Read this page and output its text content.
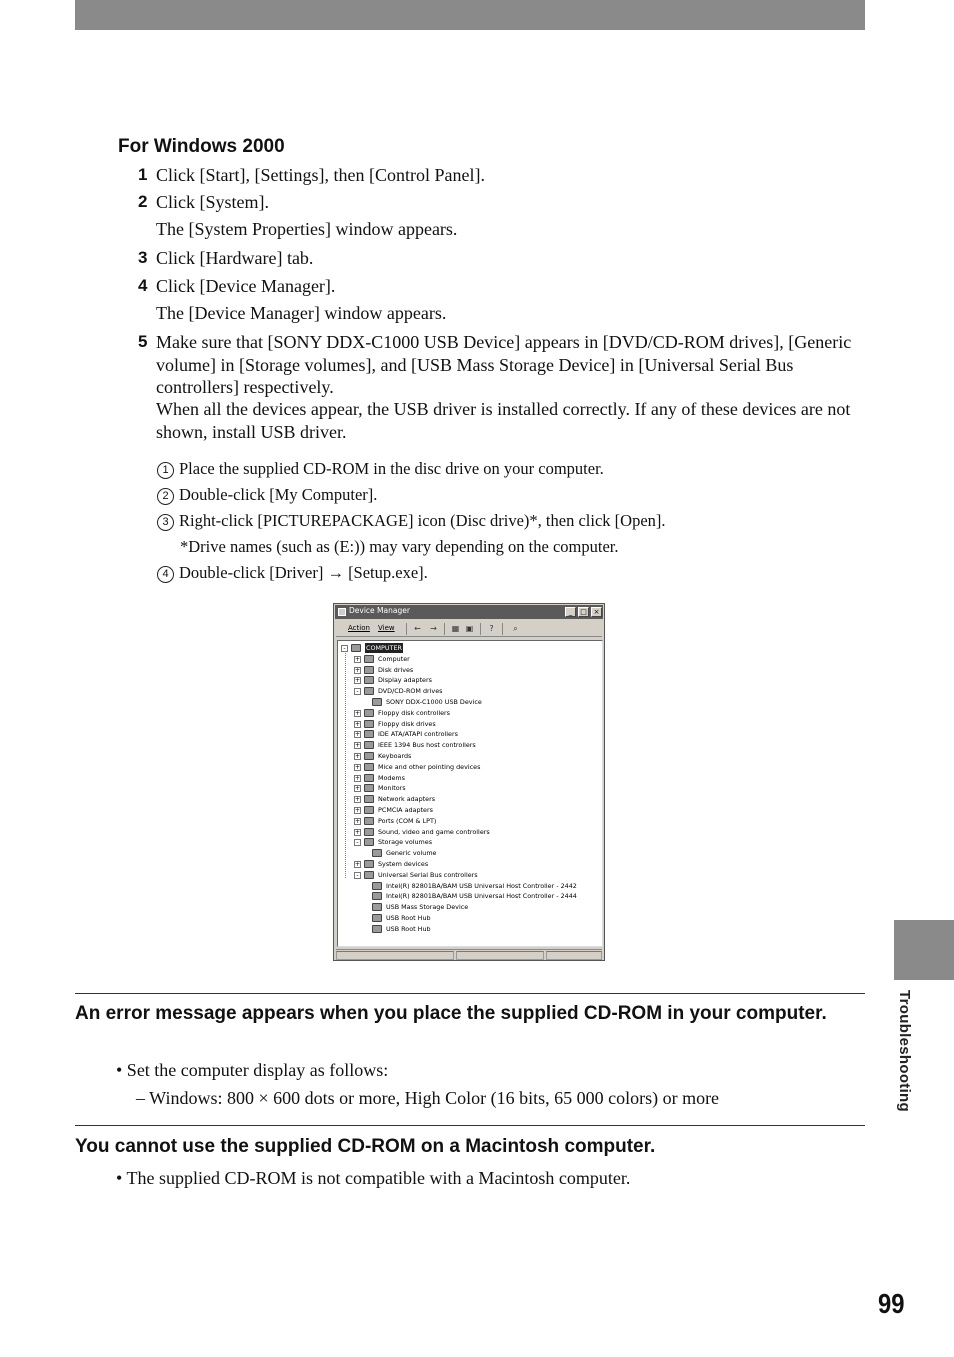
For Windows 2000
1 Click [Start], [Settings], then [Control Panel].
2 Click [System].
The [System Properties] window appears.
3 Click [Hardware] tab.
4 Click [Device Manager].
The [Device Manager] window appears.
5 Make sure that [SONY DDX-C1000 USB Device] appears in [DVD/CD-ROM drives], [Generic volume] in [Storage volumes], and [USB Mass Storage Device] in [Universal Serial Bus controllers] respectively.
When all the devices appear, the USB driver is installed correctly. If any of these devices are not shown, install USB driver.
1 Place the supplied CD-ROM in the disc drive on your computer.
2 Double-click [My Computer].
3 Right-click [PICTUREPACKAGE] icon (Disc drive)*, then click [Open].
*Drive names (such as (E:)) may vary depending on the computer.
4 Double-click [Driver] → [Setup.exe].
Device Manager	_	□ ×
Action View ← → ▦ ▣	?	⌕
-	COMPUTER
+	Computer
+	Disk drives
+	Display adapters
-	DVD/CD-ROM drives
SONY DDX-C1000 USB Device
+	Floppy disk controllers
+	Floppy disk drives
+	IDE ATA/ATAPI controllers
+	IEEE 1394 Bus host controllers
+	Keyboards
+	Mice and other pointing devices
+	Modems
+	Monitors
+	Network adapters
+	PCMCIA adapters
+	Ports (COM & LPT)
+	Sound, video and game controllers
-	Storage volumes
Generic volume
+	System devices
-	Universal Serial Bus controllers
Intel(R) 82801BA/BAM USB Universal Host Controller - 2442
Intel(R) 82801BA/BAM USB Universal Host Controller - 2444
USB Mass Storage Device
USB Root Hub
USB Root Hub
An error message appears when you place the supplied CD-ROM in your computer.
• Set the computer display as follows:
– Windows: 800 × 600 dots or more, High Color (16 bits, 65 000 colors) or more
You cannot use the supplied CD-ROM on a Macintosh computer.
• The supplied CD-ROM is not compatible with a Macintosh computer.
Troubleshooting
99
